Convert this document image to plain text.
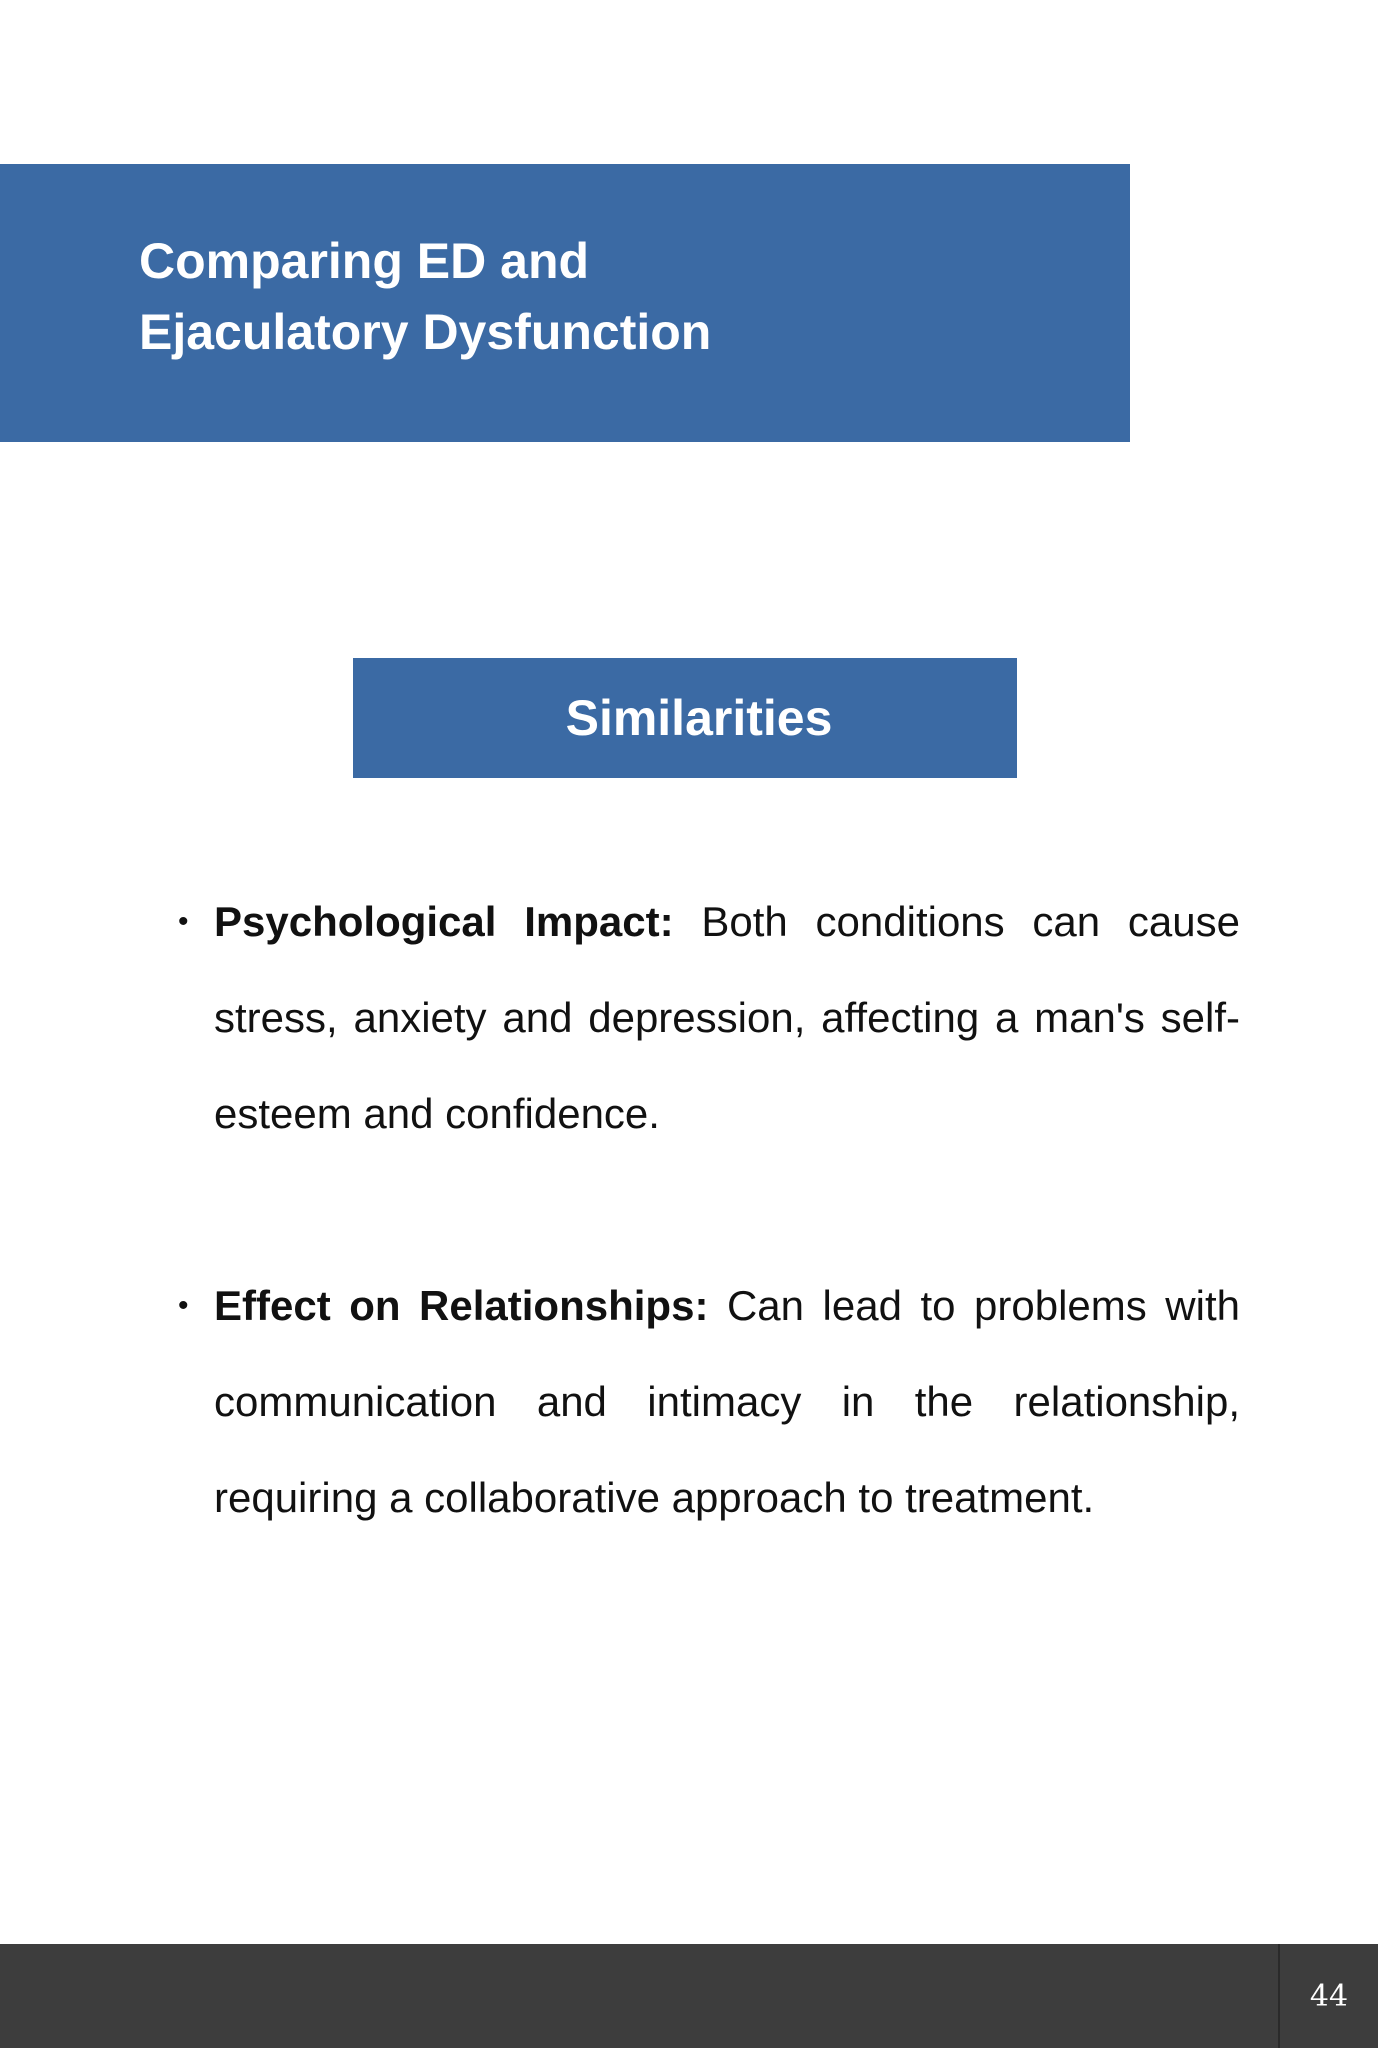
Comparing ED and
Ejaculatory Dysfunction
Similarities
• Psychological Impact: Both conditions can cause stress, anxiety and depression, affecting a man's self-esteem and confidence.
• Effect on Relationships: Can lead to problems with communication and intimacy in the relationship, requiring a collaborative approach to treatment.
44
